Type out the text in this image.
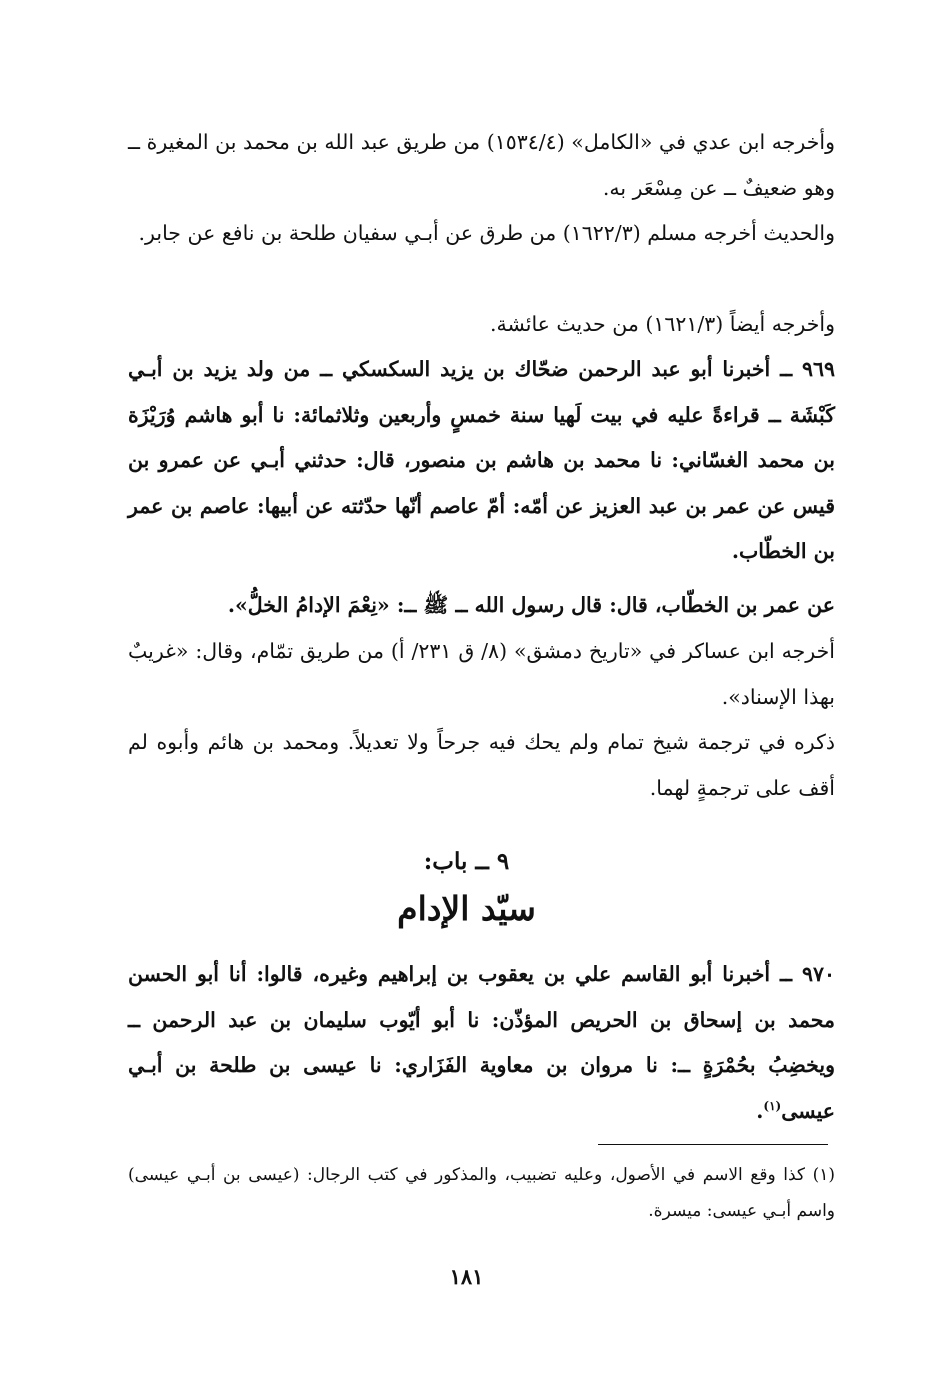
وأخرجه ابن عدي في «الكامل» (١٥٣٤/٤) من طريق عبد الله بن محمد بن المغيرة ــ وهو ضعيفٌ ــ عن مِسْعَر به.

والحديث أخرجه مسلم (١٦٢٢/٣) من طرق عن أبـي سفيان طلحة بن نافع عن جابر.

وأخرجه أيضاً (١٦٢١/٣) من حديث عائشة.

٩٦٩ ــ أخبرنا أبو عبد الرحمن ضحّاك بن يزيد السكسكي ــ من ولد يزيد بن أبـي كَبْشَة ــ قراءةً عليه في بيت لَهيا سنة خمسٍ وأربعين وثلاثمائة: نا أبو هاشم وُرَيْزَة بن محمد الغسّاني: نا محمد بن هاشم بن منصور، قال: حدثني أبـي عن عمرو بن قيس عن عمر بن عبد العزيز عن أمّه: أمّ عاصم أنّها حدّثته عن أبيها: عاصم بن عمر بن الخطّاب.

عن عمر بن الخطّاب، قال: قال رسول الله ــ ﷺ ــ: «نِعْمَ الإدامُ الخلُّ».

أخرجه ابن عساكر في «تاريخ دمشق» (٨/ ق ٢٣١/ أ) من طريق تمّام، وقال: «غريبٌ بهذا الإسناد».

ذكره في ترجمة شيخ تمام ولم يحك فيه جرحاً ولا تعديلاً. ومحمد بن هائم وأبوه لم أقف على ترجمةٍ لهما.

٩ ــ باب:
سيّد الإدام

٩٧٠ ــ أخبرنا أبو القاسم علي بن يعقوب بن إبراهيم وغيره، قالوا: أنا أبو الحسن محمد بن إسحاق بن الحريص المؤذّن: نا أبو أيّوب سليمان بن عبد الرحمن ــ ويخضِبُ بحُمْرَةٍ ــ: نا مروان بن معاوية الفَزَاري: نا عيسى بن طلحة بن أبـي عيسى$^{(١)}$.

(١) كذا وقع الاسم في الأصول، وعليه تضبيب، والمذكور في كتب الرجال: (عيسى بن أبـي عيسى) واسم أبـي عيسى: ميسرة.

١٨١
